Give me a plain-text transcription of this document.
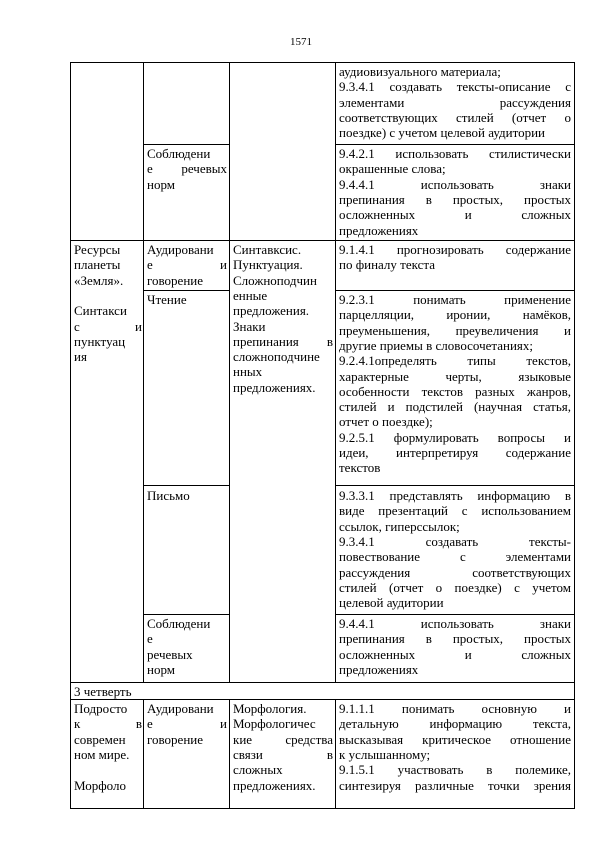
1571
аудиовизуального материала;
9.3.4.1 создавать тексты-описание с
элементами рассуждения
соответствующих стилей (отчет о
поездке) с учетом целевой аудитории
Соблюдени
е речевых
норм
9.4.2.1 использовать стилистически
окрашенные слова;
9.4.4.1 использовать знаки
препинания в простых, простых
осложненных и сложных
предложениях
Ресурсы
планеты
«Земля».
Синтакси
с и
пунктуац
ия
Аудировани
е и
говорение
Синтавксис.
Пунктуация.
Сложноподчин
енные
предложения.
Знаки
препинания в
сложноподчине
нных
предложениях.
9.1.4.1 прогнозировать содержание
по финалу текста
Чтение	9.2.3.1 понимать применение
парцелляции, иронии, намёков,
преуменьшения, преувеличения и
другие приемы в словосочетаниях;
9.2.4.1определять типы текстов,
характерные черты, языковые
особенности текстов разных жанров,
стилей и подстилей (научная статья,
отчет о поездке);
9.2.5.1 формулировать вопросы и
идеи, интерпретируя содержание
текстов
Письмо	9.3.3.1 представлять информацию в
виде презентаций с использованием
ссылок, гиперссылок;
9.3.4.1 создавать тексты-
повествование с элементами
рассуждения соответствующих
стилей (отчет о поездке) с учетом
целевой аудитории
Соблюдени
е
речевых
норм
9.4.4.1 использовать знаки
препинания в простых, простых
осложненных и сложных
предложениях
3 четверть
Подросто
к в
современ
ном мире.
Морфоло
Аудировани
е и
говорение
Морфология.
Морфологичес
кие средства
связи в
сложных
предложениях.
9.1.1.1 понимать основную и
детальную информацию текста,
высказывая критическое отношение
к услышанному;
9.1.5.1 участвовать в полемике,
синтезируя различные точки зрения
